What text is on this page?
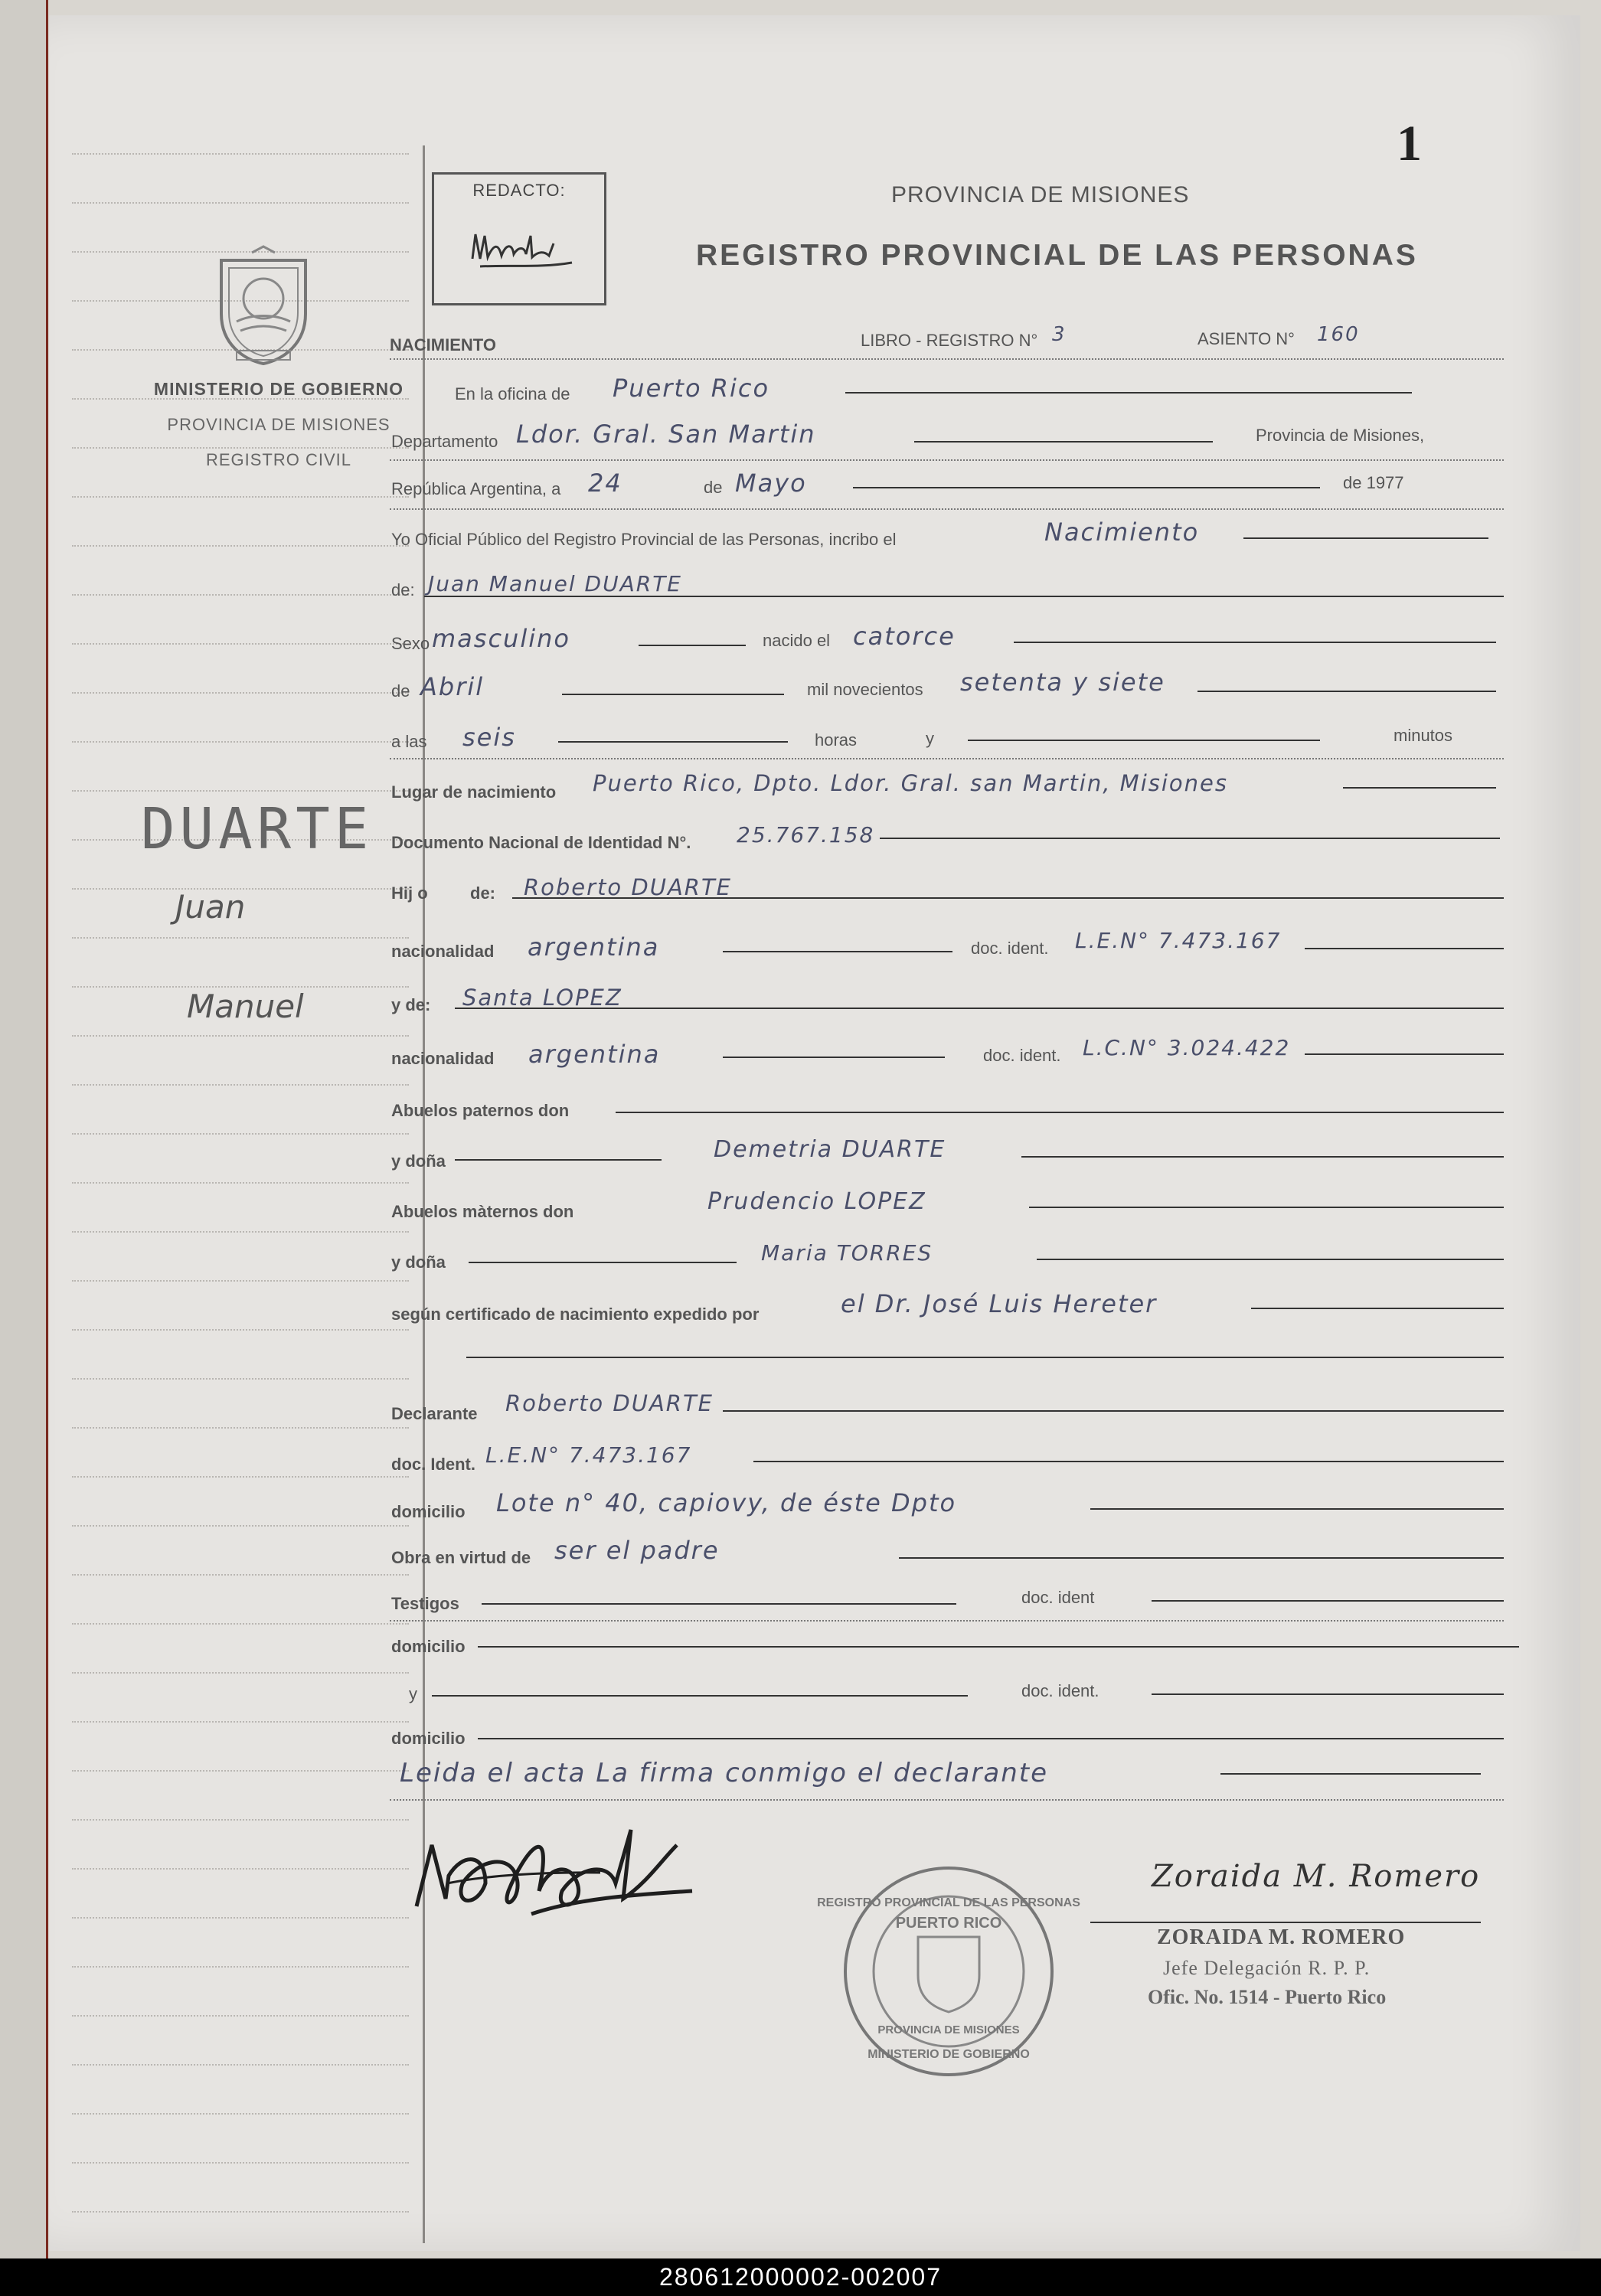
1
REDACTO:	PROVINCIA DE MISIONES
REGISTRO PROVINCIAL DE LAS PERSONAS
MINISTERIO DE GOBIERNO
PROVINCIA DE MISIONES
REGISTRO CIVIL
DUARTE
Juan
Manuel
NACIMIENTO	LIBRO - REGISTRO N° 3	ASIENTO N° 160
En la oficina de Puerto Rico
Departamento Ldor. Gral. San Martin	Provincia de Misiones,
República Argentina, a 24	de Mayo	de 1977
Yo Oficial Público del Registro Provincial de las Personas, incribo el	Nacimiento
de: Juan Manuel DUARTE
Sexo masculino	nacido el catorce
de Abril	mil novecientos setenta y siete
a las seis	horas	y	minutos
Lugar de nacimiento Puerto Rico, Dpto. Ldor. Gral. san Martin, Misiones
Documento Nacional de Identidad N°. 25.767.158
Hij o	de: Roberto DUARTE
nacionalidad argentina	doc. ident. L.E.N° 7.473.167
y de: Santa LOPEZ
nacionalidad argentina	doc. ident. L.C.N° 3.024.422
Abuelos paternos don
y doña	Demetria DUARTE
Abuelos màternos don	Prudencio LOPEZ
y doña	Maria TORRES
según certificado de nacimiento expedido por	el Dr. José Luis Hereter
Declarante Roberto DUARTE
doc. Ident. L.E.N° 7.473.167
domicilio Lote n° 40, capiovy, de éste Dpto
Obra en virtud de ser el padre
Testigos	doc. ident
domicilio
y	doc. ident.
domicilio
Leida el acta La firma conmigo el declarante
REGISTRO PROVINCIAL DE LAS PERSONAS
PUERTO RICO
PROVINCIA DE MISIONES
MINISTERIO DE GOBIERNO
Zoraida M. Romero
ZORAIDA M. ROMERO
Jefe Delegación R. P. P.
Ofic. No. 1514 - Puerto Rico
280612000002-002007
